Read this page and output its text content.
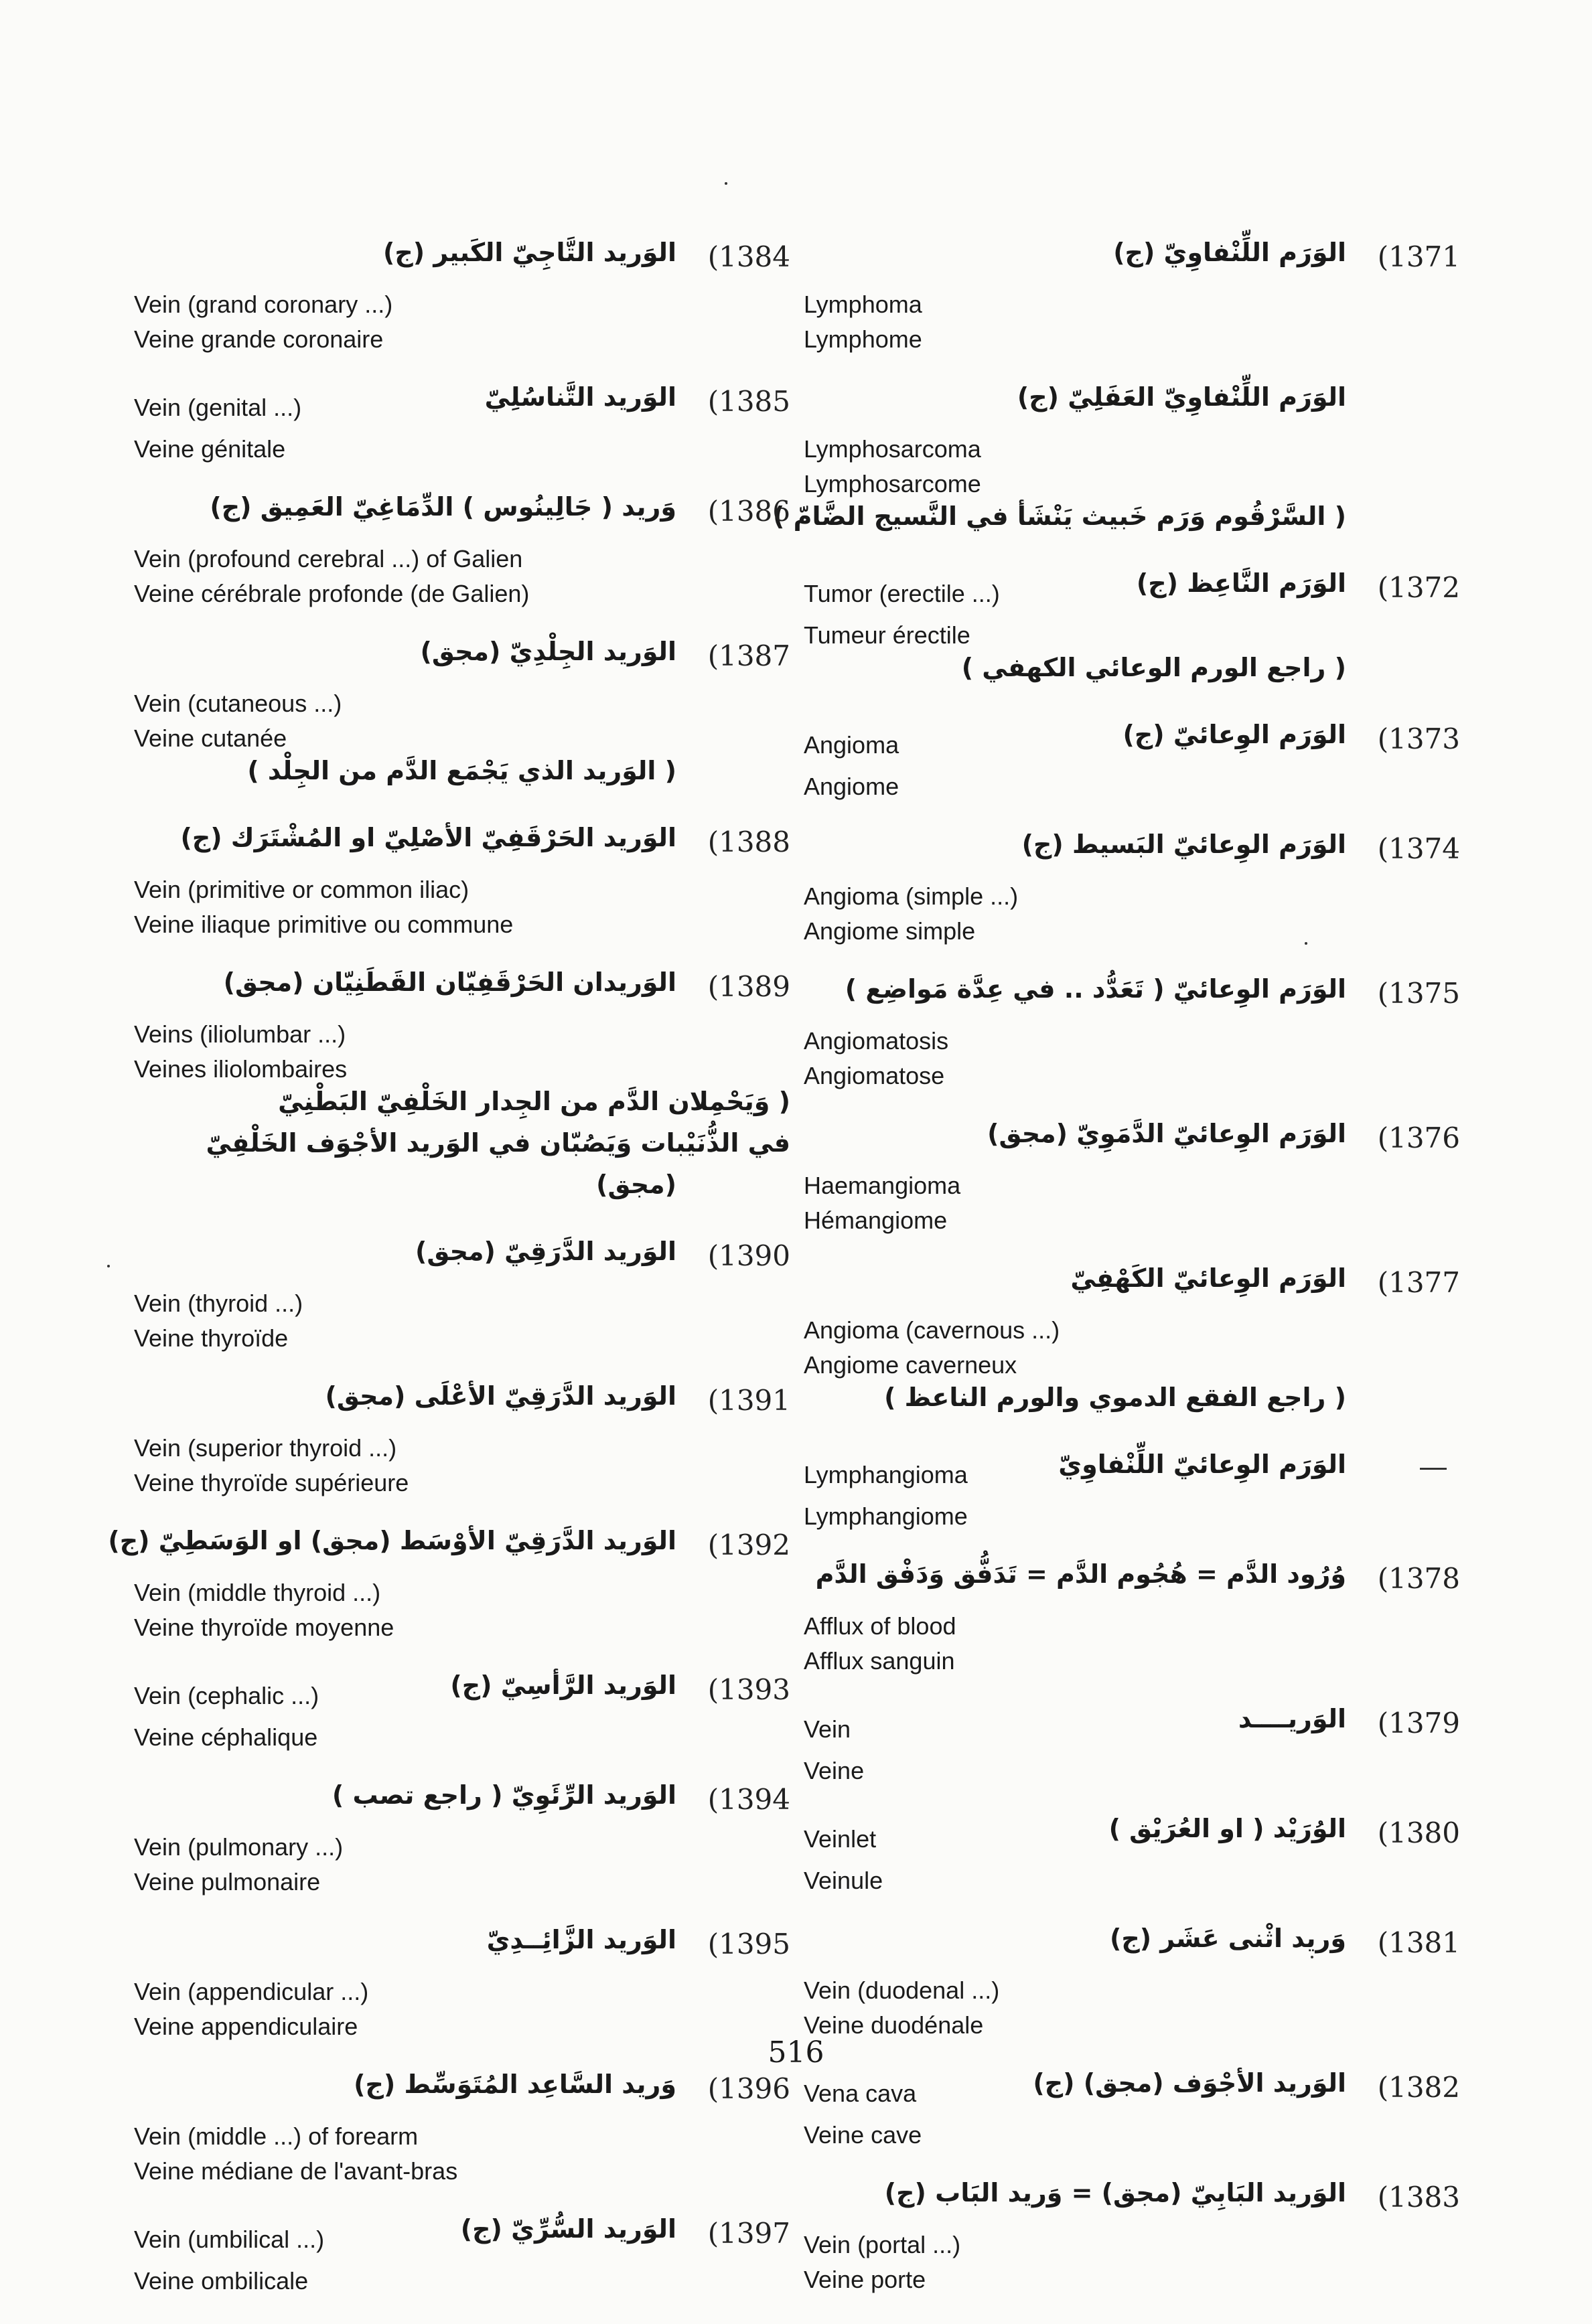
الوَرَم اللِّنْفاوِيّ (ج)	(1371
Lymphoma
Lymphome
الوَرَم اللِّنْفاوِيّ العَفَلِيّ (ج)
Lymphosarcoma
Lymphosarcome
( السَّرْقُوم وَرَم خَبيث يَنْشَأ في النَّسيج الضَّامّ )
Tumor (erectile ...)	الوَرَم النَّاعِظ (ج)	(1372
Tumeur érectile
( راجع الورم الوعائي الكهفي )
Angioma	الوَرَم الوِعائيّ (ج)	(1373
Angiome
الوَرَم الوِعائيّ البَسيط (ج)	(1374
Angioma (simple ...)
Angiome simple
الوَرَم الوِعائيّ ( تَعَدُّد .. في عِدَّة مَواضِع )	(1375
Angiomatosis
Angiomatose
الوَرَم الوِعائيّ الدَّمَوِيّ (مجق)	(1376
Haemangioma
Hémangiome
الوَرَم الوِعائيّ الكَهْفِيّ	(1377
Angioma (cavernous ...)
Angiome caverneux
( راجع الفقع الدموي والورم الناعظ )
Lymphangioma	الوَرَم الوِعائيّ اللِّنْفاوِيّ	—
Lymphangiome
وُرُود الدَّم = هُجُوم الدَّم = تَدَفُّق وَدَفْق الدَّم	(1378
Afflux of blood
Afflux sanguin
Vein	الوَريــــد	(1379
Veine
Veinlet	الوُرَيْد ( او العُرَيْق )	(1380
Veinule
وَريد اثْنى عَشَر (ج)	(1381
Vein (duodenal ...)
Veine duodénale
Vena cava	الوَريد الأجْوَف (مجق) (ج)	(1382
Veine cave
الوَريد البَابِيّ (مجق) = وَريد البَاب (ج)	(1383
Vein (portal ...)
Veine porte
الوَريد التَّاجِيّ الكَبير (ج)	(1384
Vein (grand coronary ...)
Veine grande coronaire
Vein (genital ...)	الوَريد التَّناسُلِيّ	(1385
Veine génitale
وَريد ( جَالِينُوس ) الدِّمَاغِيّ العَمِيق (ج)	(1386
Vein (profound cerebral ...) of Galien
Veine cérébrale profonde (de Galien)
الوَريد الجِلْدِيّ (مجق)	(1387
Vein (cutaneous ...)
Veine cutanée
( الوَريد الذي يَجْمَع الدَّم من الجِلْد )
الوَريد الحَرْقَفِيّ الأصْلِيّ او المُشْتَرَك (ج)	(1388
Vein (primitive or common iliac)
Veine iliaque primitive ou commune
الوَريدان الحَرْقَفِيّان القَطَنِيّان (مجق)	(1389
Veins (iliolumbar ...)
Veines iliolombaires
( وَيَحْمِلان الدَّم من الجِدار الخَلْفِيّ البَطْنِيّ
في الذُّنَيْبات وَيَصُبّان في الوَريد الأجْوَف الخَلْفِيّ
(مجق)
الوَريد الدَّرَقِيّ (مجق)	(1390
Vein (thyroid ...)
Veine thyroïde
الوَريد الدَّرَقِيّ الأعْلَى (مجق)	(1391
Vein (superior thyroid ...)
Veine thyroïde supérieure
الوَريد الدَّرَقِيّ الأوْسَط (مجق) او الوَسَطِيّ (ج)	(1392
Vein (middle thyroid ...)
Veine thyroïde moyenne
Vein (cephalic ...)	الوَريد الرَّأسِيّ (ج)	(1393
Veine céphalique
الوَريد الرِّئَوِيّ ( راجع تصب )	(1394
Vein (pulmonary ...)
Veine pulmonaire
الوَريد الزَّائِــدِيّ	(1395
Vein (appendicular ...)
Veine appendiculaire
وَريد السَّاعِد المُتَوَسِّط (ج)	(1396
Vein (middle ...) of forearm
Veine médiane de l'avant-bras
Vein (umbilical ...)	الوَريد السُّرِّيّ (ج)	(1397
Veine ombilicale
516
